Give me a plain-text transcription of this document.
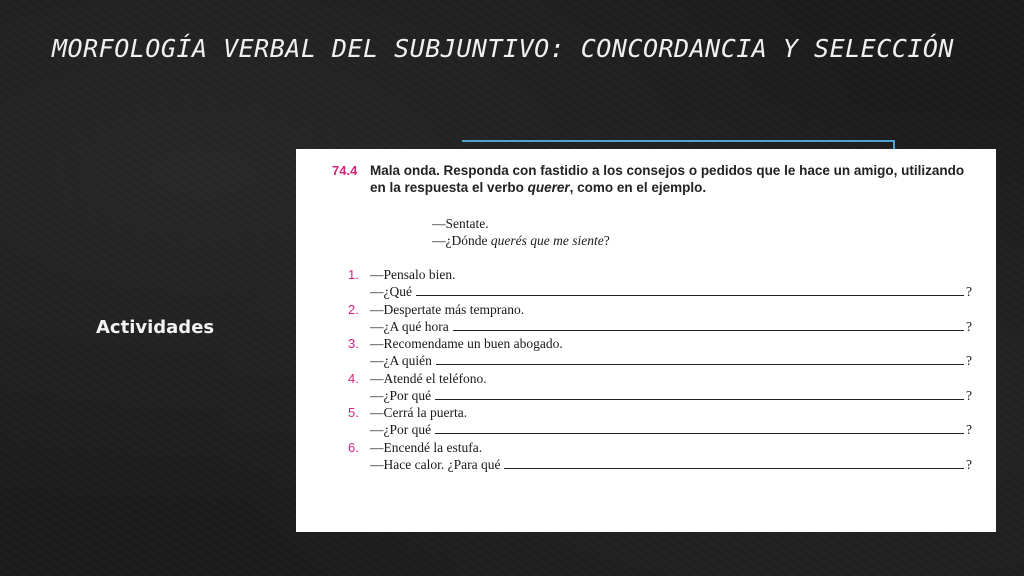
MORFOLOGÍA VERBAL DEL SUBJUNTIVO: CONCORDANCIA Y SELECCIÓN
Actividades
74.4 Mala onda. Responda con fastidio a los consejos o pedidos que le hace un amigo, utilizando en la respuesta el verbo querer, como en el ejemplo.
—Sentate.
—¿Dónde querés que me siente?
1. —Pensalo bien.
—¿Qué	?
2. —Despertate más temprano.
—¿A qué hora	?
3. —Recomendame un buen abogado.
—¿A quién	?
4. —Atendé el teléfono.
—¿Por qué	?
5. —Cerrá la puerta.
—¿Por qué	?
6. —Encendé la estufa.
—Hace calor. ¿Para qué	?
